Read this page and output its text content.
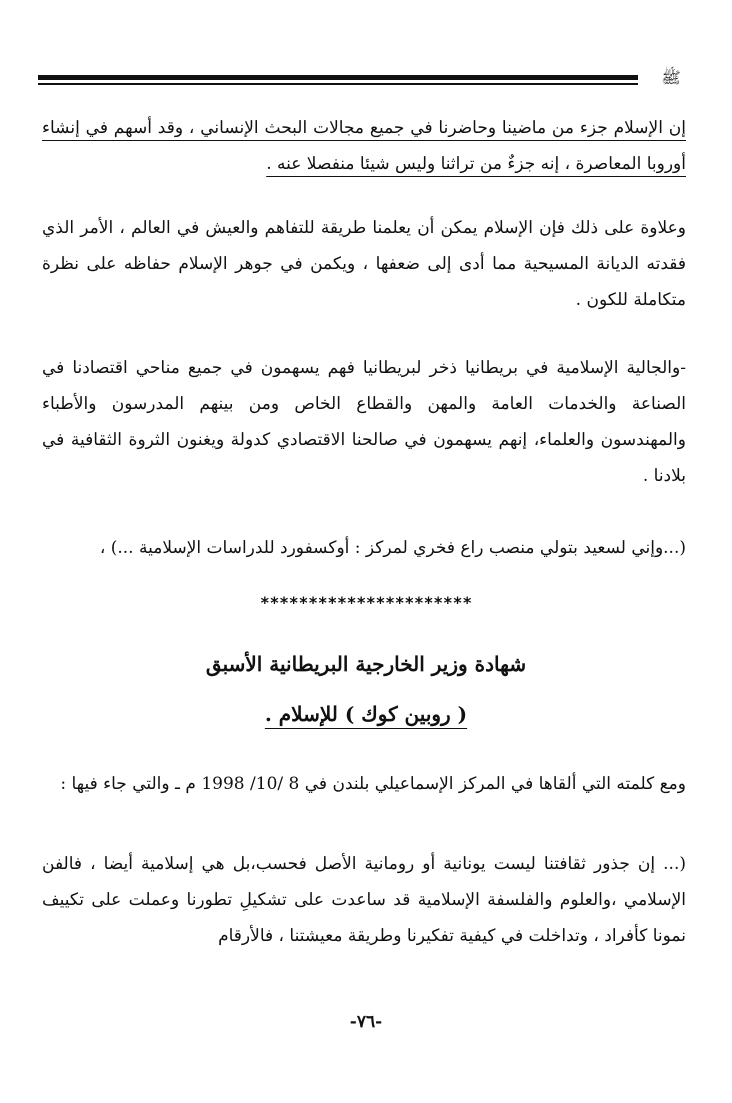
ﷺ

إن الإسلام جزء من ماضينا وحاضرنا في جميع مجالات البحث الإنساني ، وقد أسهم في إنشاء أوروبا المعاصرة ، إنه جزءٌ من تراثنا وليس شيئا منفصلا عنه .

وعلاوة على ذلك فإن الإسلام يمكن أن يعلمنا طريقة للتفاهم والعيش في العالم ، الأمر الذي فقدته الديانة المسيحية مما أدى إلى ضعفها ، ويكمن في جوهر الإسلام حفاظه على نظرة متكاملة للكون .

-والجالية الإسلامية في بريطانيا ذخر لبريطانيا فهم يسهمون في جميع مناحي اقتصادنا في الصناعة والخدمات العامة والمهن والقطاع الخاص ومن بينهم المدرسون والأطباء والمهندسون والعلماء، إنهم يسهمون في صالحنا الاقتصادي كدولة ويغنون الثروة الثقافية في بلادنا .

(...وإني لسعيد بتولي منصب راع فخري لمركز : أوكسفورد للدراسات الإسلامية ...) ،

**********************
شهادة وزير الخارجية البريطانية الأسبق
( روبين كوك ) للإسلام .

ومع كلمته التي ألقاها في المركز الإسماعيلي بلندن في 8 /10/ 1998 م ـ والتي جاء فيها :

(... إن جذور ثقافتنا ليست يونانية أو رومانية الأصل فحسب،بل هي إسلامية أيضا ، فالفن الإسلامي ،والعلوم والفلسفة الإسلامية قد ساعدت على تشكيلِ تطورنا وعملت على تكييف نمونا كأفراد ، وتداخلت في كيفية تفكيرنا وطريقة معيشتنا ، فالأرقام

-٧٦-
